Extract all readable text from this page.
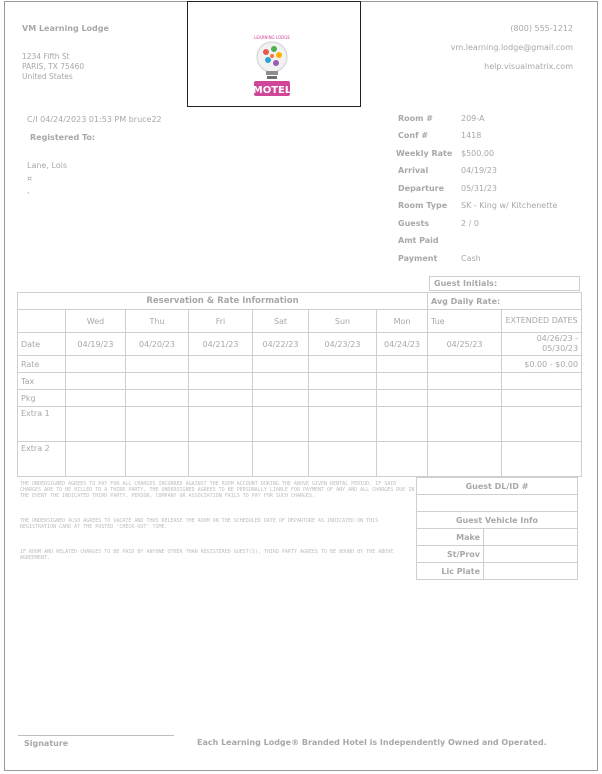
VM Learning Lodge
1234 Fifth St
PARIS, TX 75460
United States
LEARNING LODGE
MOTEL
(800) 555-1212
vm.learning.lodge@gmail.com
help.visualmatrix.com
C/I 04/24/2023 01:53 PM bruce22
Registered To:
Lane, Lois
¤
,
Room #	209-A
Conf #	1418
Weekly Rate $500.00
Arrival	04/19/23
Departure 05/31/23
Room Type SK - King w/ Kitchenette
Guests	2 / 0
Amt Paid
Payment	Cash
Guest Initials:
Reservation & Rate Information							Avg Daily Rate:	
	Wed	Thu	Fri	Sat	Sun	Mon	Tue	EXTENDED DATES
Date	04/19/23	04/20/23	04/21/23	04/22/23	04/23/23	04/24/23	04/25/23	04/26/23 - 05/30/23
Rate								$0.00 - $0.00
Tax								
Pkg								
Extra 1								
Extra 2								
THE UNDERSIGNED AGREES TO PAY FOR ALL CHARGES INCURRED AGAINST THE ROOM ACCOUNT DURING THE ABOVE GIVEN RENTAL PERIOD. IF SAID CHARGES ARE TO BE BILLED TO A THIRD PARTY, THE UNDERSIGNED AGREES TO BE PERSONALLY LIABLE FOR PAYMENT OF ANY AND ALL CHARGES DUE IN THE EVENT THE INDICATED THIRD PARTY, PERSON, COMPANY OR ASSOCIATION FAILS TO PAY FOR SUCH CHARGES.
THE UNDERSIGNED ALSO AGREES TO VACATE AND THUS RELEASE THE ROOM ON THE SCHEDULED DATE OF DEPARTURE AS INDICATED ON THIS REGISTRATION CARD AT THE POSTED 'CHECK-OUT' TIME.
IF ROOM AND RELATED CHARGES TO BE PAID BY ANYONE OTHER THAN REGISTERED GUEST(S), THIRD PARTY AGREES TO BE BOUND BY THE ABOVE AGREEMENT.
Guest DL/ID #	

Guest Vehicle Info	
Make	
St/Prov	
Lic Plate	
Signature	Each Learning Lodge® Branded Hotel is Independently Owned and Operated.
